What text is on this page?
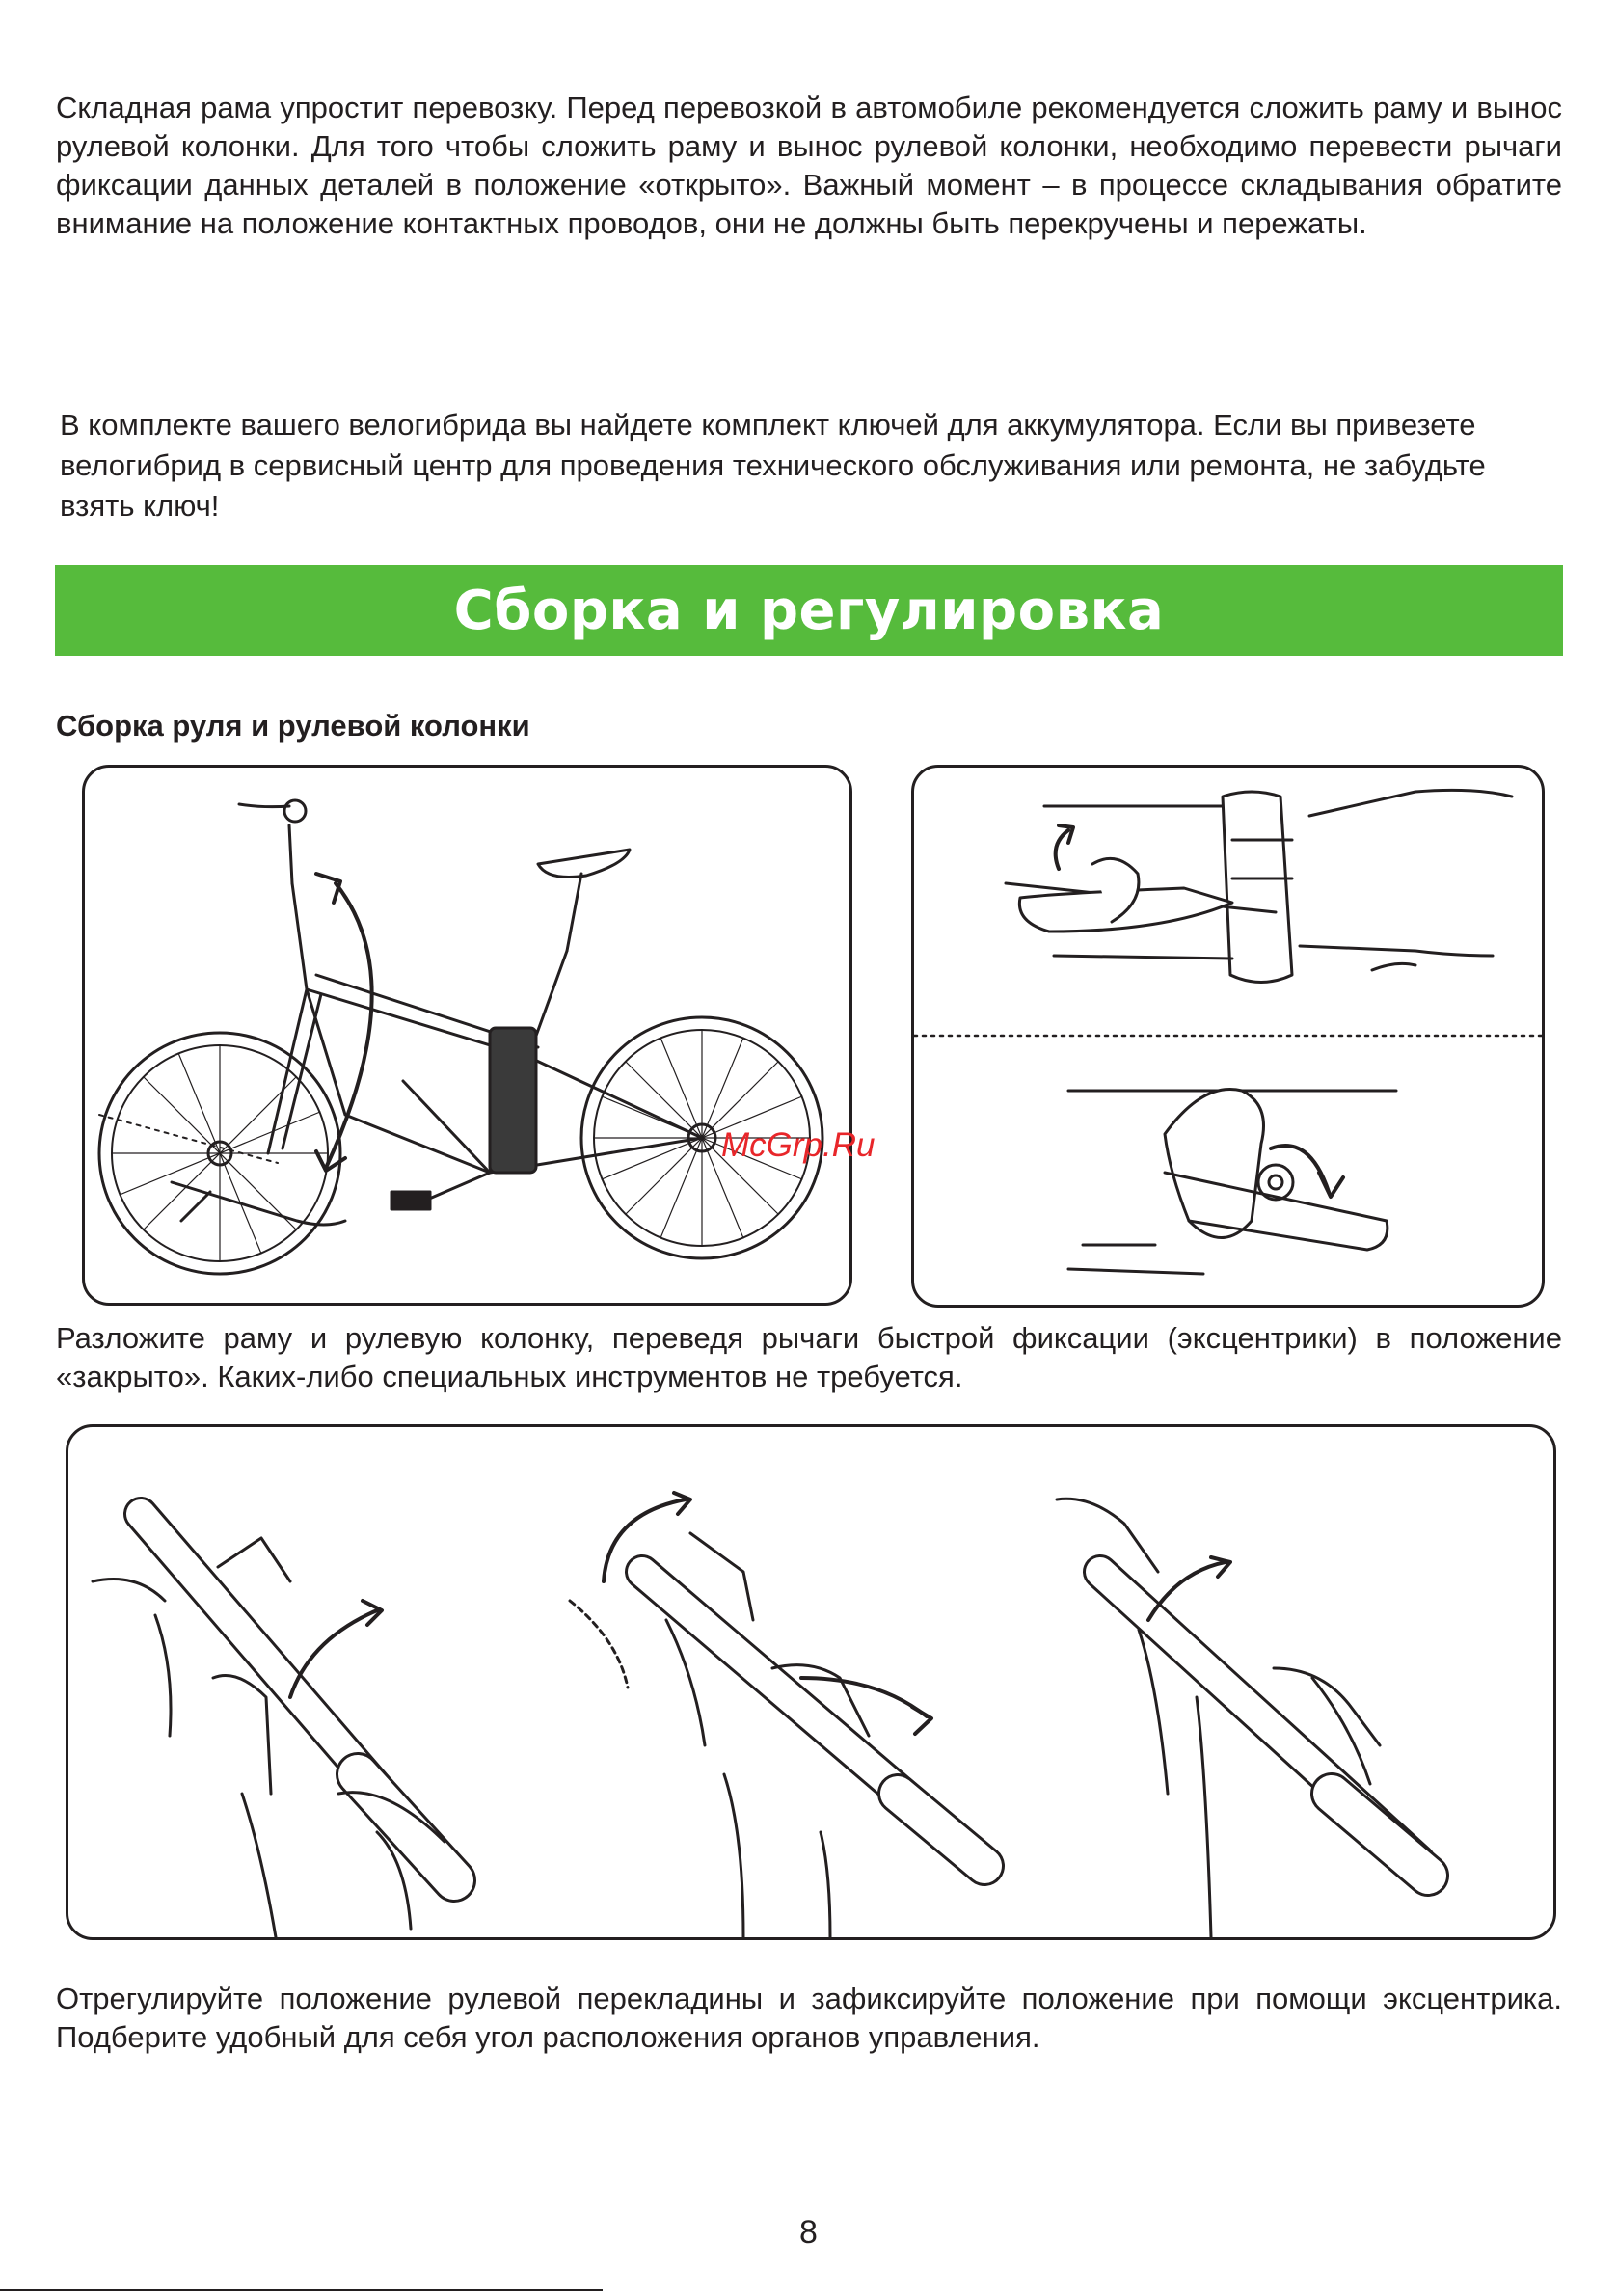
Складная рама упростит перевозку. Перед перевозкой в автомобиле рекомендуется сложить раму и вынос рулевой колонки. Для того чтобы сложить раму и вынос рулевой колонки, необходимо перевести рычаги фиксации данных деталей в положение «открыто». Важный момент – в процессе складывания обратите внимание на положение контактных проводов, они не должны быть перекручены и пережаты.

В комплекте вашего велогибрида вы найдете комплект ключей для аккумулятора. Если вы привезете велогибрид в сервисный центр для проведения технического обслуживания или ремонта, не забудьте взять ключ!

Сборка и регулировка

Сборка руля и рулевой колонки

McGrp.Ru

Разложите раму и рулевую колонку, переведя рычаги быстрой фиксации (эксцентрики) в положение «закрыто». Каких-либо специальных инструментов не требуется.

Отрегулируйте положение рулевой перекладины и зафиксируйте положение при помощи эксцентрика. Подберите удобный для себя угол расположения органов управления.

8
